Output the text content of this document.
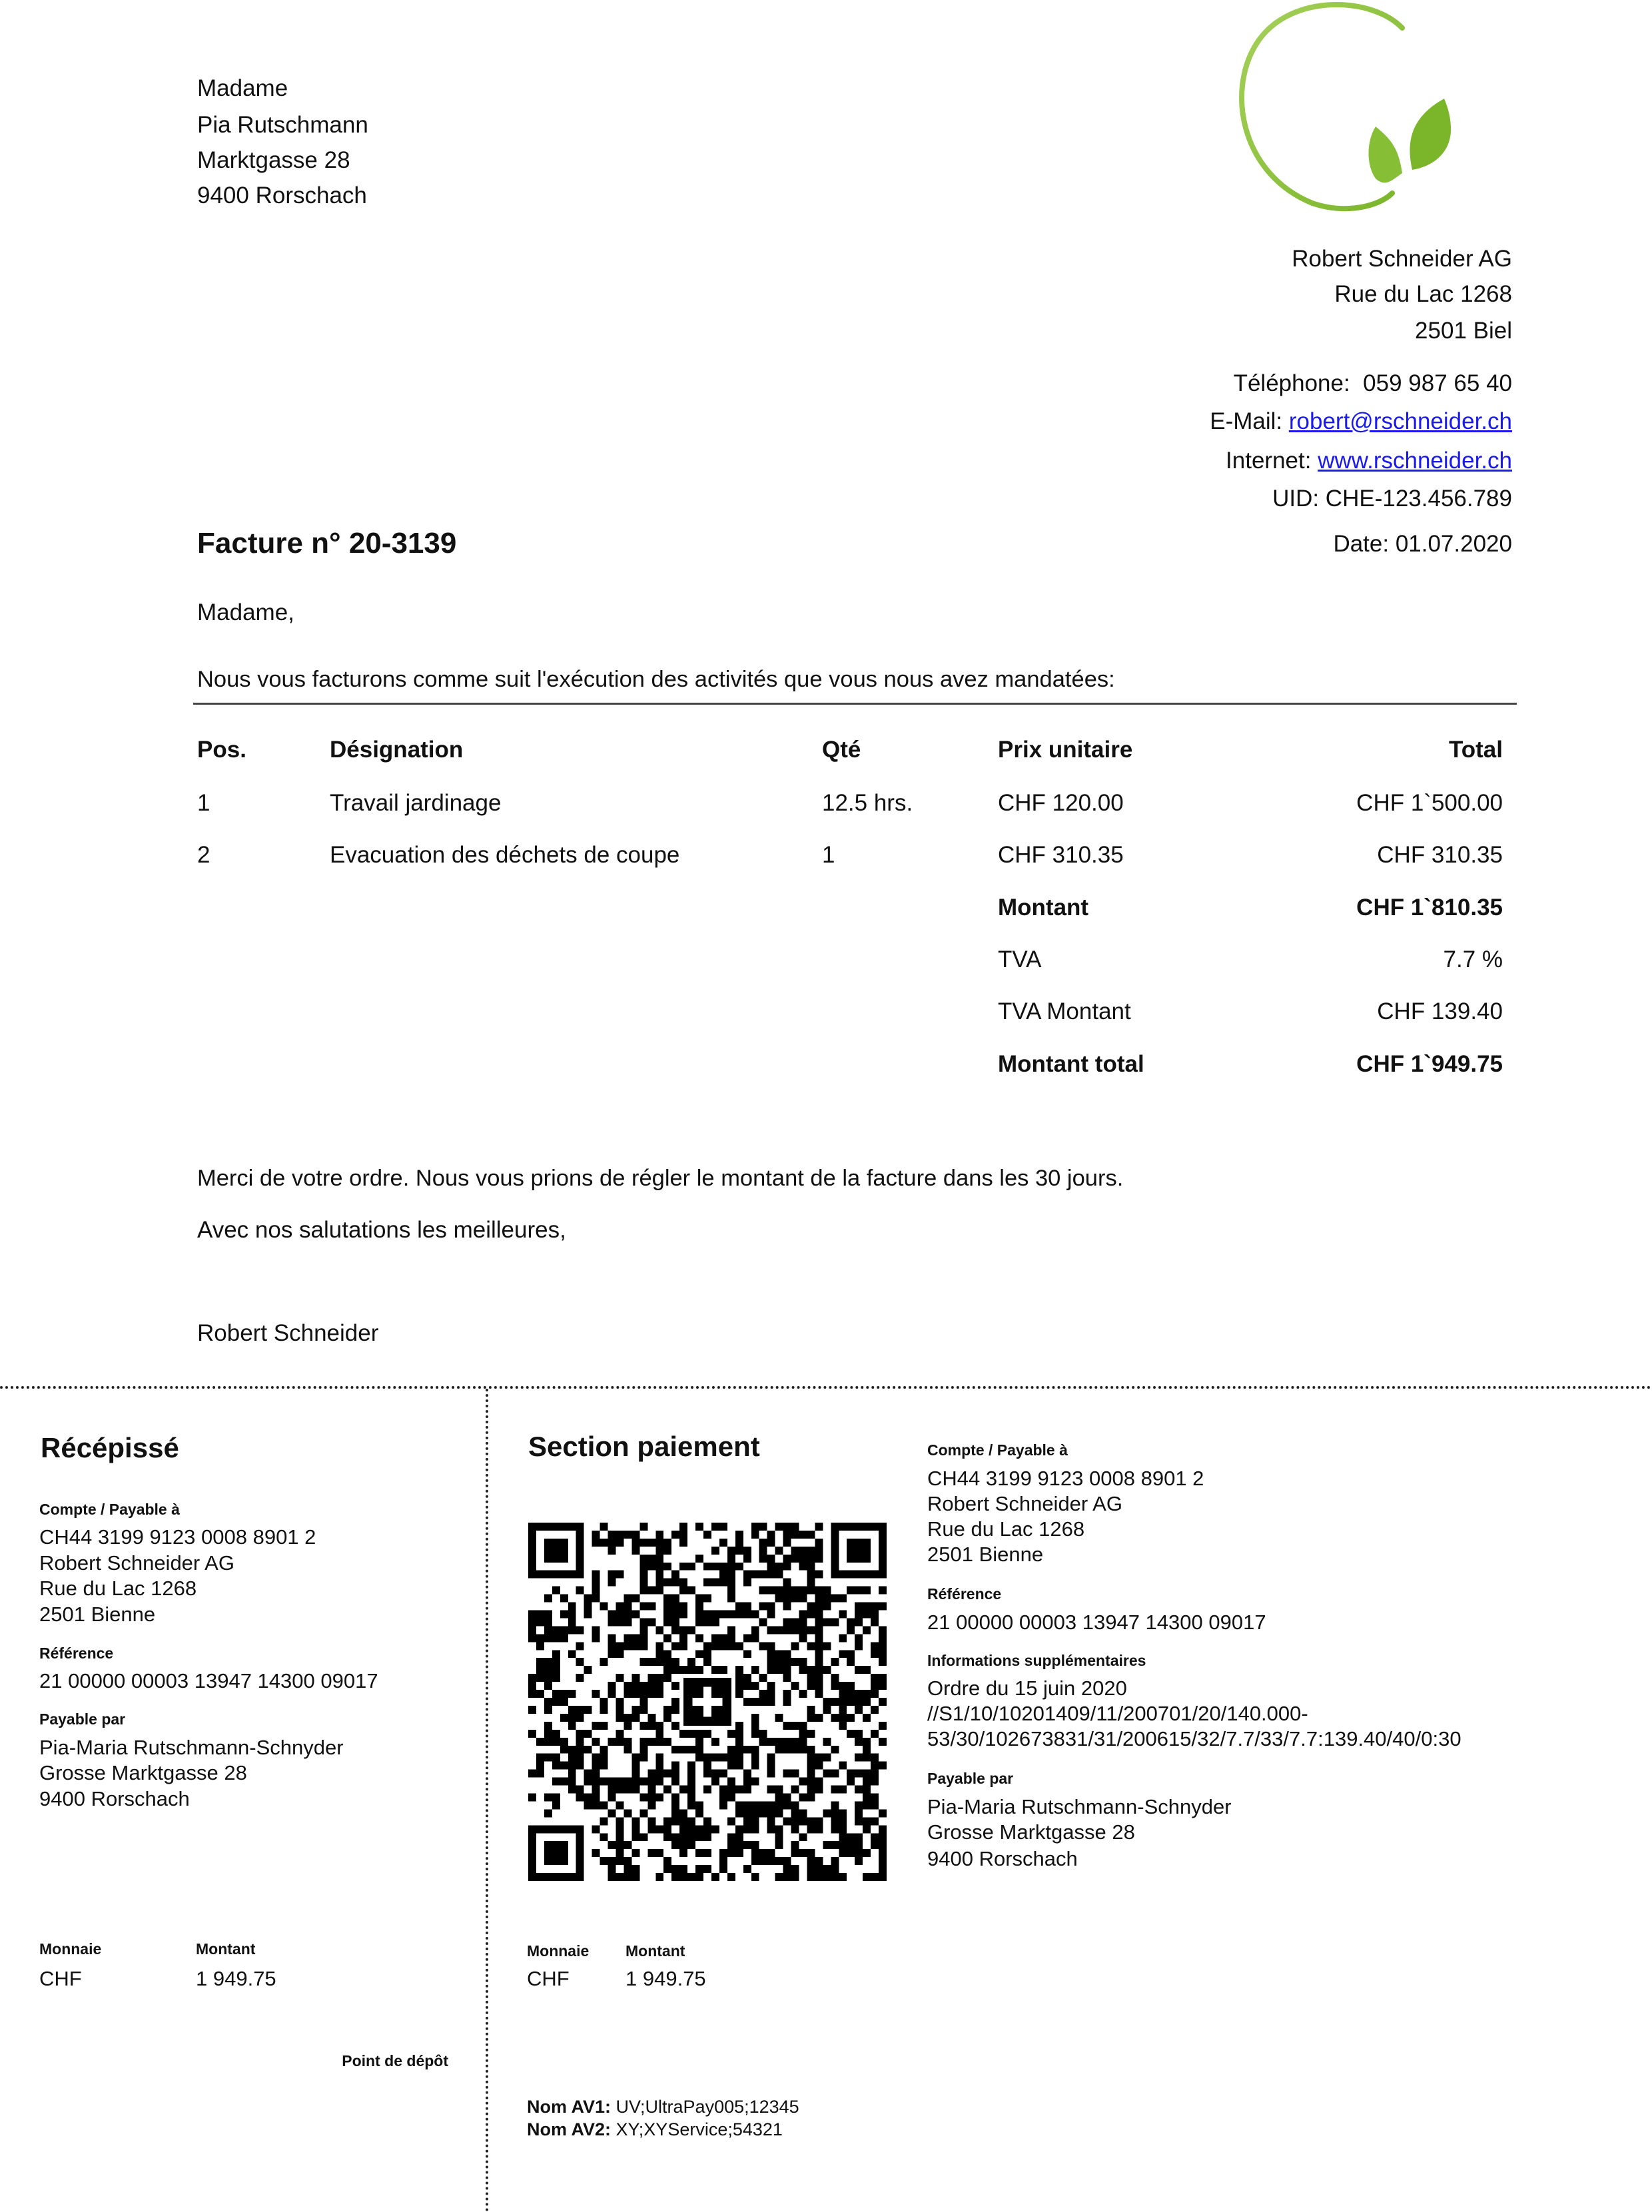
Madame
Pia Rutschmann
Marktgasse 28
9400 Rorschach
Robert Schneider AG
Rue du Lac 1268
2501 Biel
Téléphone: 059 987 65 40
E-Mail: robert@rschneider.ch
Internet: www.rschneider.ch
UID: CHE-123.456.789
Date: 01.07.2020
Facture n° 20-3139
Madame,
Nous vous facturons comme suit l'exécution des activités que vous nous avez mandatées:
Pos.	Désignation	Qté	Prix unitaire	Total
1	Travail jardinage	12.5 hrs.	CHF 120.00	CHF 1`500.00
2	Evacuation des déchets de coupe	1	CHF 310.35	CHF 310.35
Montant	CHF 1`810.35
TVA	7.7 %
TVA Montant	CHF 139.40
Montant total	CHF 1`949.75
Merci de votre ordre. Nous vous prions de régler le montant de la facture dans les 30 jours.
Avec nos salutations les meilleures,
Robert Schneider
Récépissé
Compte / Payable à
CH44 3199 9123 0008 8901 2
Robert Schneider AG
Rue du Lac 1268
2501 Bienne
Référence
21 00000 00003 13947 14300 09017
Payable par
Pia-Maria Rutschmann-Schnyder
Grosse Marktgasse 28
9400 Rorschach
Monnaie	Montant
CHF	1 949.75
Point de dépôt
Section paiement	Compte / Payable à
CH44 3199 9123 0008 8901 2
Robert Schneider AG
Rue du Lac 1268
2501 Bienne
Référence
21 00000 00003 13947 14300 09017
Informations supplémentaires
Ordre du 15 juin 2020
//S1/10/10201409/11/200701/20/140.000-
53/30/102673831/31/200615/32/7.7/33/7.7:139.40/40/0:30
Payable par
Pia-Maria Rutschmann-Schnyder
Grosse Marktgasse 28
9400 Rorschach
Monnaie Montant
CHF	1 949.75
Nom AV1: UV;UltraPay005;12345
Nom AV2: XY;XYService;54321
